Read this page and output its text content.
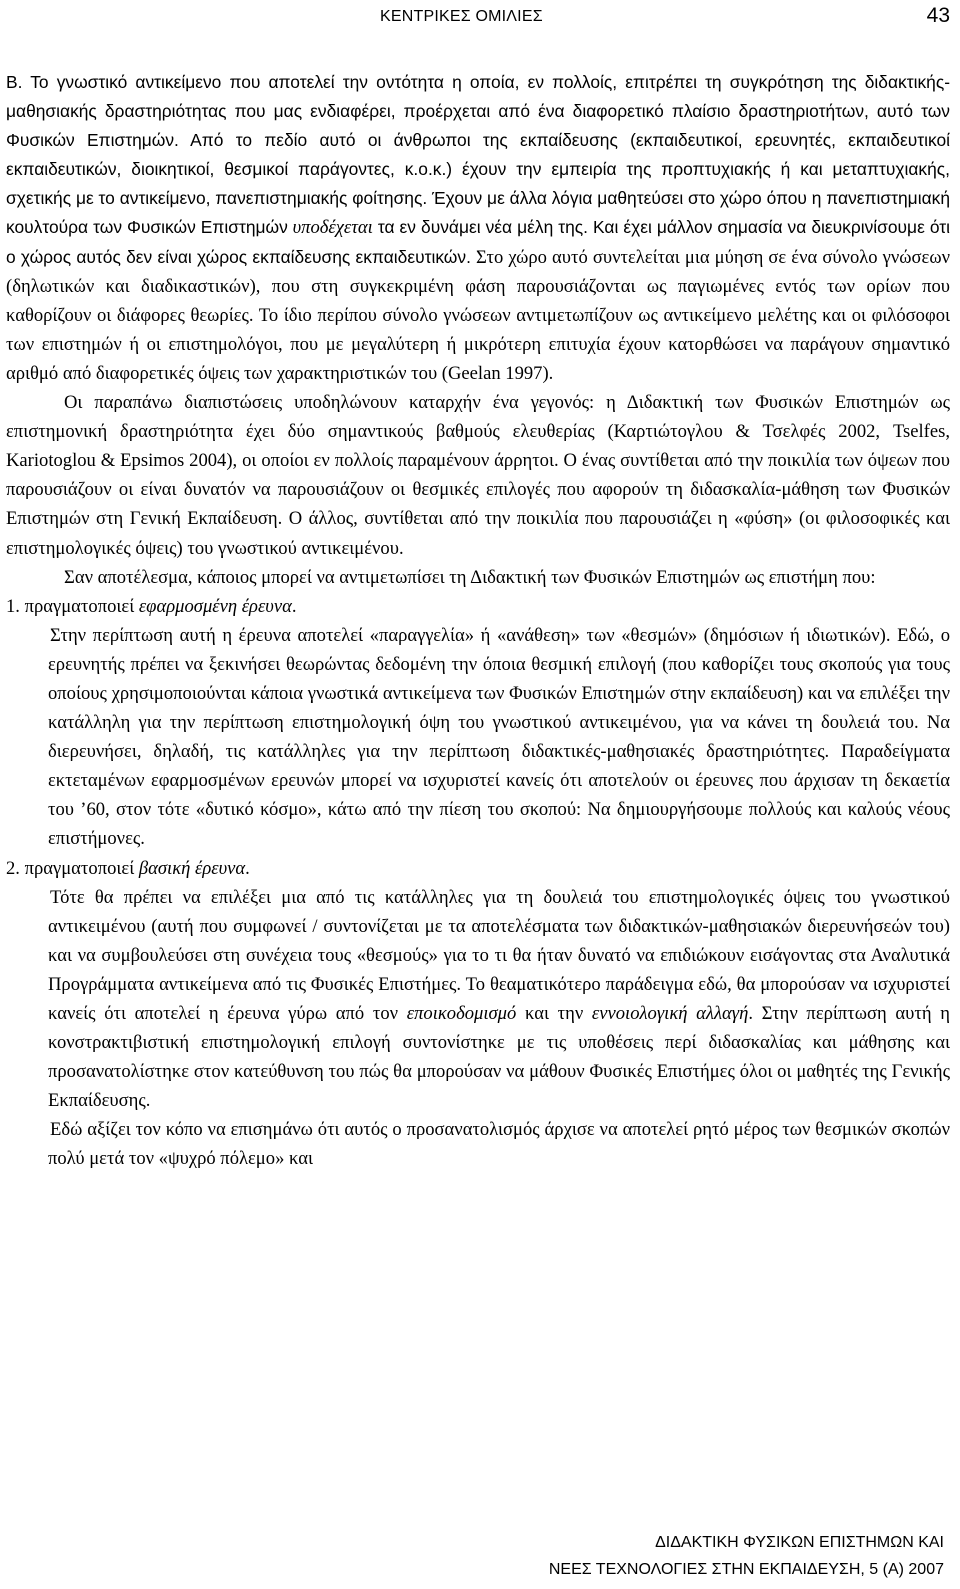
ΚΕΝΤΡΙΚΕΣ ΟΜΙΛΙΕΣ	43

Β. Το γνωστικό αντικείμενο που αποτελεί την οντότητα η οποία, εν πολλοίς, επιτρέπει τη συγκρότηση της διδακτικής-μαθησιακής δραστηριότητας που μας ενδιαφέρει, προέρχεται από ένα διαφορετικό πλαίσιο δραστηριοτήτων, αυτό των Φυσικών Επιστημών. Από το πεδίο αυτό οι άνθρωποι της εκπαίδευσης (εκπαιδευτικοί, ερευνητές, εκπαιδευτικοί εκπαιδευτικών, διοικητικοί, θεσμικοί παράγοντες, κ.ο.κ.) έχουν την εμπειρία της προπτυχιακής ή και μεταπτυχιακής, σχετικής με το αντικείμενο, πανεπιστημιακής φοίτησης. Έχουν με άλλα λόγια μαθητεύσει στο χώρο όπου η πανεπιστημιακή κουλτούρα των Φυσικών Επιστημών υποδέχεται τα εν δυνάμει νέα μέλη της. Και έχει μάλλον σημασία να διευκρινίσουμε ότι ο χώρος αυτός δεν είναι χώρος εκπαίδευσης εκπαιδευτικών. Στο χώρο αυτό συντελείται μια μύηση σε ένα σύνολο γνώσεων (δηλωτικών και διαδικαστικών), που στη συγκεκριμένη φάση παρουσιάζονται ως παγιωμένες εντός των ορίων που καθορίζουν οι διάφορες θεωρίες. Το ίδιο περίπου σύνολο γνώσεων αντιμετωπίζουν ως αντικείμενο μελέτης και οι φιλόσοφοι των επιστημών ή οι επιστημολόγοι, που με μεγαλύτερη ή μικρότερη επιτυχία έχουν κατορθώσει να παράγουν σημαντικό αριθμό από διαφορετικές όψεις των χαρακτηριστικών του (Geelan 1997).

Οι παραπάνω διαπιστώσεις υποδηλώνουν καταρχήν ένα γεγονός: η Διδακτική των Φυσικών Επιστημών ως επιστημονική δραστηριότητα έχει δύο σημαντικούς βαθμούς ελευθερίας (Καρτιώτογλου & Τσελφές 2002, Tselfes, Kariotoglou & Epsimos 2004), οι οποίοι εν πολλοίς παραμένουν άρρητοι. Ο ένας συντίθεται από την ποικιλία των όψεων που παρουσιάζουν οι είναι δυνατόν να παρουσιάζουν οι θεσμικές επιλογές που αφορούν τη διδασκαλία-μάθηση των Φυσικών Επιστημών στη Γενική Εκπαίδευση. Ο άλλος, συντίθεται από την ποικιλία που παρουσιάζει η «φύση» (οι φιλοσοφικές και επιστημολογικές όψεις) του γνωστικού αντικειμένου.

Σαν αποτέλεσμα, κάποιος μπορεί να αντιμετωπίσει τη Διδακτική των Φυσικών Επιστημών ως επιστήμη που:

1. πραγματοποιεί εφαρμοσμένη έρευνα.

Στην περίπτωση αυτή η έρευνα αποτελεί «παραγγελία» ή «ανάθεση» των «θεσμών» (δημόσιων ή ιδιωτικών). Εδώ, ο ερευνητής πρέπει να ξεκινήσει θεωρώντας δεδομένη την όποια θεσμική επιλογή (που καθορίζει τους σκοπούς για τους οποίους χρησιμοποιούνται κάποια γνωστικά αντικείμενα των Φυσικών Επιστημών στην εκπαίδευση) και να επιλέξει την κατάλληλη για την περίπτωση επιστημολογική όψη του γνωστικού αντικειμένου, για να κάνει τη δουλειά του. Να διερευνήσει, δηλαδή, τις κατάλληλες για την περίπτωση διδακτικές-μαθησιακές δραστηριότητες. Παραδείγματα εκτεταμένων εφαρμοσμένων ερευνών μπορεί να ισχυριστεί κανείς ότι αποτελούν οι έρευνες που άρχισαν τη δεκαετία του ’60, στον τότε «δυτικό κόσμο», κάτω από την πίεση του σκοπού: Να δημιουργήσουμε πολλούς και καλούς νέους επιστήμονες.

2. πραγματοποιεί βασική έρευνα.

Τότε θα πρέπει να επιλέξει μια από τις κατάλληλες για τη δουλειά του επιστημολογικές όψεις του γνωστικού αντικειμένου (αυτή που συμφωνεί / συντονίζεται με τα αποτελέσματα των διδακτικών-μαθησιακών διερευνήσεών του) και να συμβουλεύσει στη συνέχεια τους «θεσμούς» για το τι θα ήταν δυνατό να επιδιώκουν εισάγοντας στα Αναλυτικά Προγράμματα αντικείμενα από τις Φυσικές Επιστήμες. Το θεαματικότερο παράδειγμα εδώ, θα μπορούσαν να ισχυριστεί κανείς ότι αποτελεί η έρευνα γύρω από τον εποικοδομισμό και την εννοιολογική αλλαγή. Στην περίπτωση αυτή η κονστρακτιβιστική επιστημολογική επιλογή συντονίστηκε με τις υποθέσεις περί διδασκαλίας και μάθησης και προσανατολίστηκε στον κατεύθυνση του πώς θα μπορούσαν να μάθουν Φυσικές Επιστήμες όλοι οι μαθητές της Γενικής Εκπαίδευσης.

Εδώ αξίζει τον κόπο να επισημάνω ότι αυτός ο προσανατολισμός άρχισε να αποτελεί ρητό μέρος των θεσμικών σκοπών πολύ μετά τον «ψυχρό πόλεμο» και

ΔΙΔΑΚΤΙΚΗ ΦΥΣΙΚΩΝ ΕΠΙΣΤΗΜΩΝ ΚΑΙ
ΝΕΕΣ ΤΕΧΝΟΛΟΓΙΕΣ ΣΤΗΝ ΕΚΠΑΙΔΕΥΣΗ, 5 (Α) 2007
